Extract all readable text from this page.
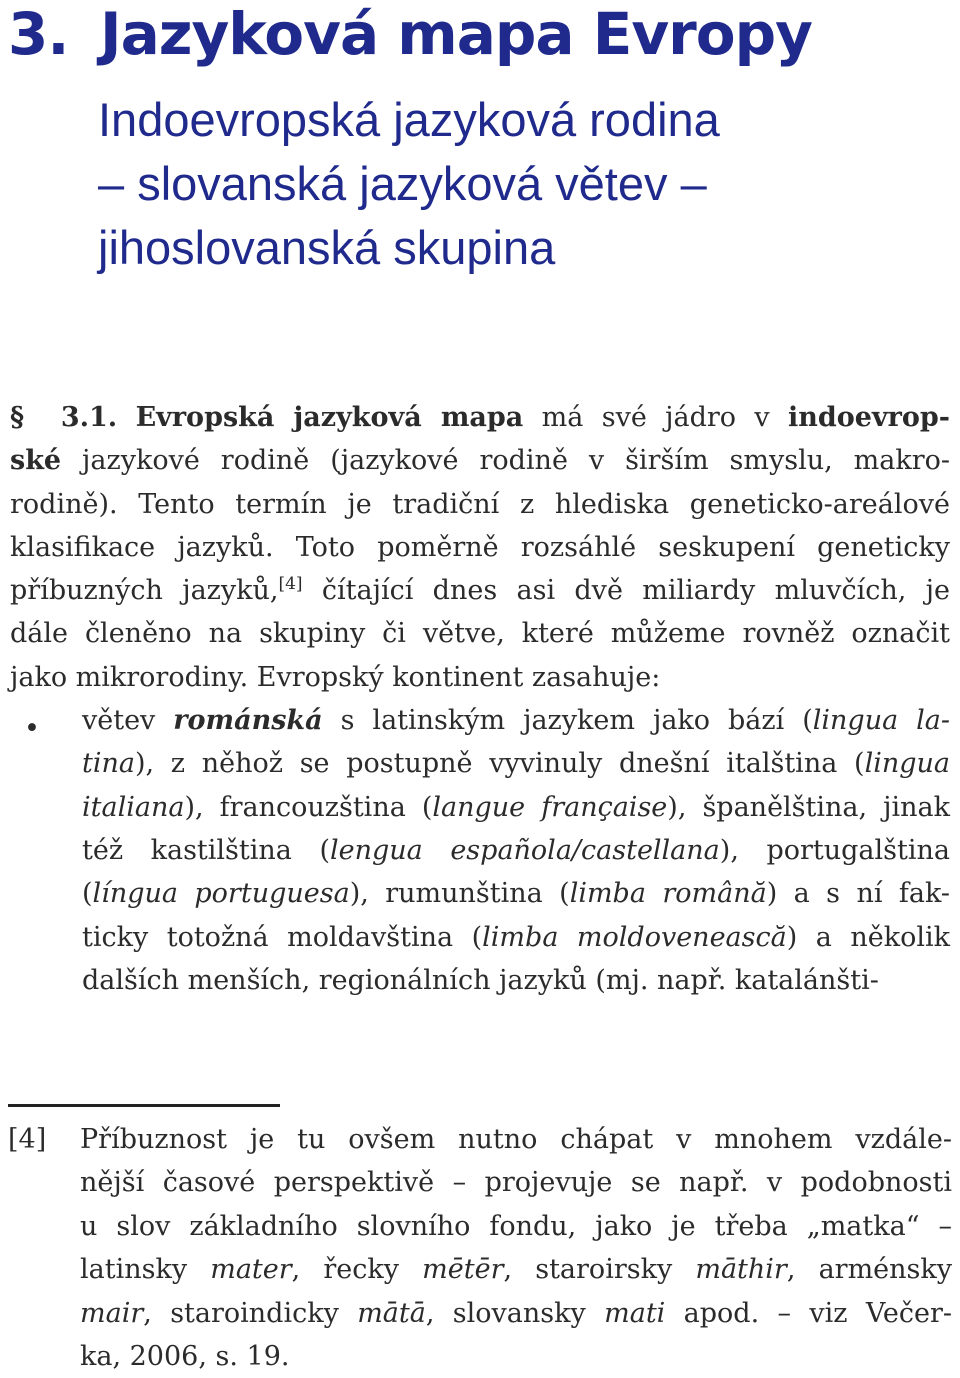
3. Jazyková mapa Evropy
Indoevropská jazyková rodina
– slovanská jazyková větev –
jihoslovanská skupina
§ 3.1. Evropská jazyková mapa má své jádro v indoevrop-
ské jazykové rodině (jazykové rodině v širším smyslu, makro-
rodině). Tento termín je tradiční z hlediska geneticko-areálové
klasifikace jazyků. Toto poměrně rozsáhlé seskupení geneticky
příbuzných jazyků,[4] čítající dnes asi dvě miliardy mluvčích, je
dále členěno na skupiny či větve, které můžeme rovněž označit
jako mikrorodiny. Evropský kontinent zasahuje:
• větev románská s latinským jazykem jako bází (lingua la-
tina), z něhož se postupně vyvinuly dnešní italština (lingua
italiana), francouzština (langue française), španělština, jinak
též kastilština (lengua española/castellana), portugalština
(língua portuguesa), rumunština (limba română) a s ní fak-
ticky totožná moldavština (limba moldovenească) a několik
dalších menších, regionálních jazyků (mj. např. katalánšti-
[4] Příbuznost je tu ovšem nutno chápat v mnohem vzdále-
nější časové perspektivě – projevuje se např. v podobnosti
u slov základního slovního fondu, jako je třeba „matka“ –
latinsky mater, řecky mētēr, staroirsky māthir, arménsky
mair, staroindicky mātā, slovansky mati apod. – viz Večer-
ka, 2006, s. 19.
